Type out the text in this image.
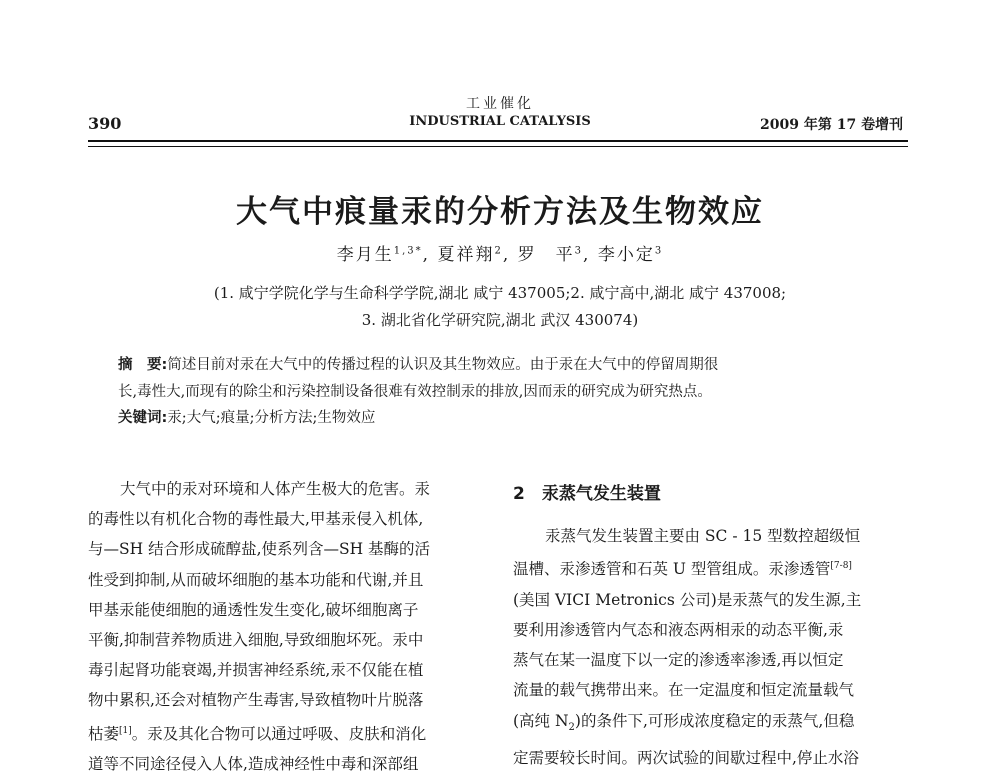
390
工业催化
INDUSTRIAL CATALYSIS	2009 年第 17 卷增刊
大气中痕量汞的分析方法及生物效应
李月生$^{1,3*}$, 夏祥翔$^2$, 罗　平$^3$, 李小定$^3$
(1. 咸宁学院化学与生命科学学院,湖北 咸宁 437005;2. 咸宁高中,湖北 咸宁 437008;
3. 湖北省化学研究院,湖北 武汉 430074)
摘　要:简述目前对汞在大气中的传播过程的认识及其生物效应。由于汞在大气中的停留周期很
长,毒性大,而现有的除尘和污染控制设备很难有效控制汞的排放,因而汞的研究成为研究热点。
关键词:汞;大气;痕量;分析方法;生物效应
大气中的汞对环境和人体产生极大的危害。汞
的毒性以有机化合物的毒性最大,甲基汞侵入机体,
与—SH 结合形成硫醇盐,使系列含—SH 基酶的活
性受到抑制,从而破坏细胞的基本功能和代谢,并且
甲基汞能使细胞的通透性发生变化,破坏细胞离子
平衡,抑制营养物质进入细胞,导致细胞坏死。汞中
毒引起肾功能衰竭,并损害神经系统,汞不仅能在植
物中累积,还会对植物产生毒害,导致植物叶片脱落
枯萎[1]。汞及其化合物可以通过呼吸、皮肤和消化
道等不同途径侵入人体,造成神经性中毒和深部组
2　汞蒸气发生装置
汞蒸气发生装置主要由 SC - 15 型数控超级恒
温槽、汞渗透管和石英 U 型管组成。汞渗透管[7-8]
(美国 VICI Metronics 公司)是汞蒸气的发生源,主
要利用渗透管内气态和液态两相汞的动态平衡,汞
蒸气在某一温度下以一定的渗透率渗透,再以恒定
流量的载气携带出来。在一定温度和恒定流量载气
(高纯 $N_2$)的条件下,可形成浓度稳定的汞蒸气,但稳
定需要较长时间。两次试验的间歇过程中,停止水浴
